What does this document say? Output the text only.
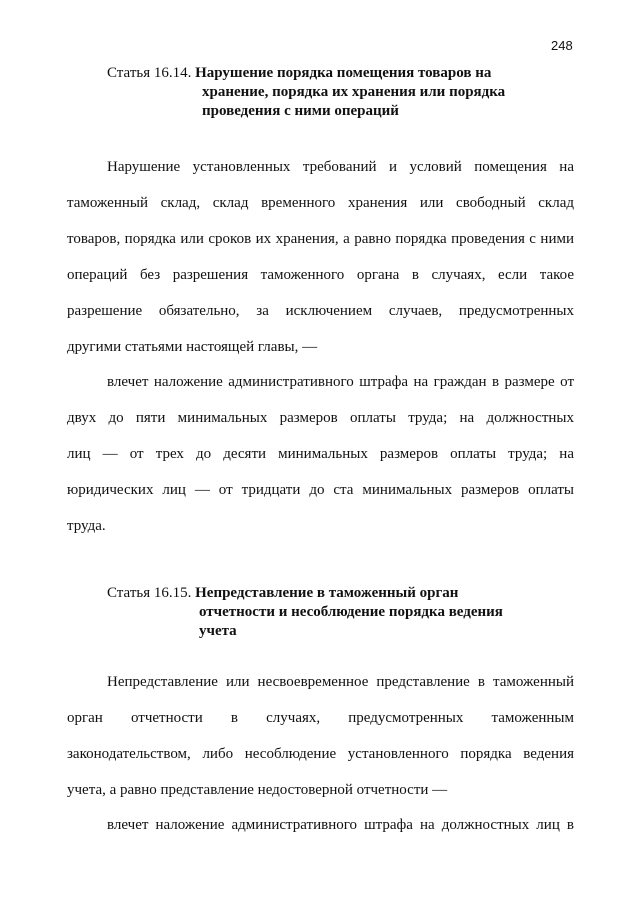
248
Статья 16.14. Нарушение порядка помещения товаров на
хранение, порядка их хранения или порядка
проведения с ними операций
Нарушение установленных требований и условий помещения на
таможенный склад, склад временного хранения или свободный склад
товаров, порядка или сроков их хранения, а равно порядка проведения с ними
операций без разрешения таможенного органа в случаях, если такое
разрешение обязательно, за исключением случаев, предусмотренных
другими статьями настоящей главы, —
влечет наложение административного штрафа на граждан в размере от
двух до пяти минимальных размеров оплаты труда; на должностных
лиц — от трех до десяти минимальных размеров оплаты труда; на
юридических лиц — от тридцати до ста минимальных размеров оплаты
труда.
Статья 16.15. Непредставление в таможенный орган
отчетности и несоблюдение порядка ведения
учета
Непредставление или несвоевременное представление в таможенный
орган отчетности в случаях, предусмотренных таможенным
законодательством, либо несоблюдение установленного порядка ведения
учета, а равно представление недостоверной отчетности —
влечет наложение административного штрафа на должностных лиц в
